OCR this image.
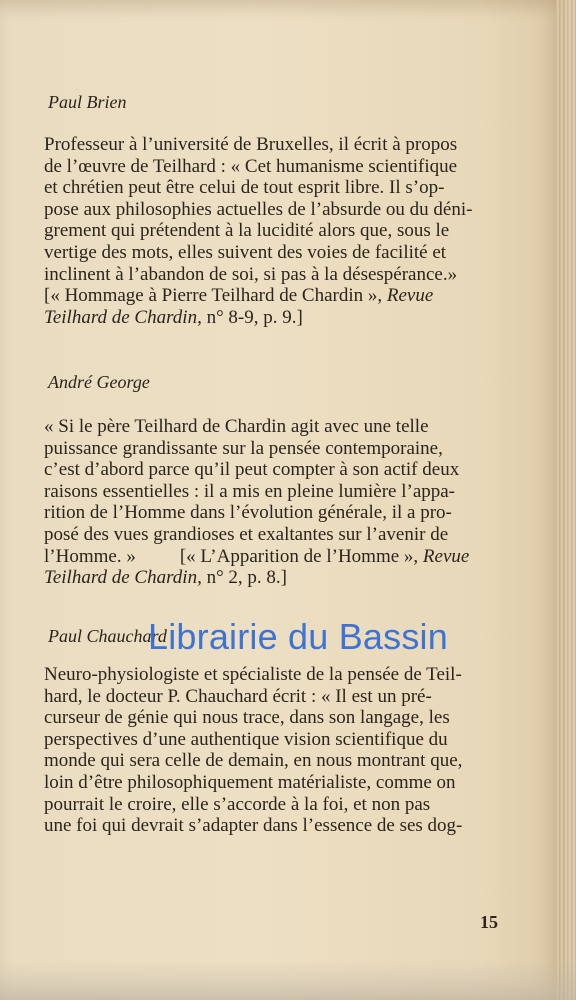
Paul Brien

Professeur à l’université de Bruxelles, il écrit à propos

de l’œuvre de Teilhard : « Cet humanisme scientifique

et chrétien peut être celui de tout esprit libre. Il s’op-

pose aux philosophies actuelles de l’absurde ou du déni-

grement qui prétendent à la lucidité alors que, sous le

vertige des mots, elles suivent des voies de facilité et

inclinent à l’abandon de soi, si pas à la désespérance.»

[« Hommage à Pierre Teilhard de Chardin », Revue

Teilhard de Chardin, n° 8-9, p. 9.]

André George

« Si le père Teilhard de Chardin agit avec une telle

puissance grandissante sur la pensée contemporaine,

c’est d’abord parce qu’il peut compter à son actif deux

raisons essentielles : il a mis en pleine lumière l’appa-

rition de l’Homme dans l’évolution générale, il a pro-

posé des vues grandioses et exaltantes sur l’avenir de

l’Homme. » [« L’Apparition de l’Homme », Revue

Teilhard de Chardin, n° 2, p. 8.]

Paul Chauchard

Neuro-physiologiste et spécialiste de la pensée de Teil-

hard, le docteur P. Chauchard écrit : « Il est un pré-

curseur de génie qui nous trace, dans son langage, les

perspectives d’une authentique vision scientifique du

monde qui sera celle de demain, en nous montrant que,

loin d’être philosophiquement matérialiste, comme on

pourrait le croire, elle s’accorde à la foi, et non pas

une foi qui devrait s’adapter dans l’essence de ses dog-

Librairie du Bassin
15
